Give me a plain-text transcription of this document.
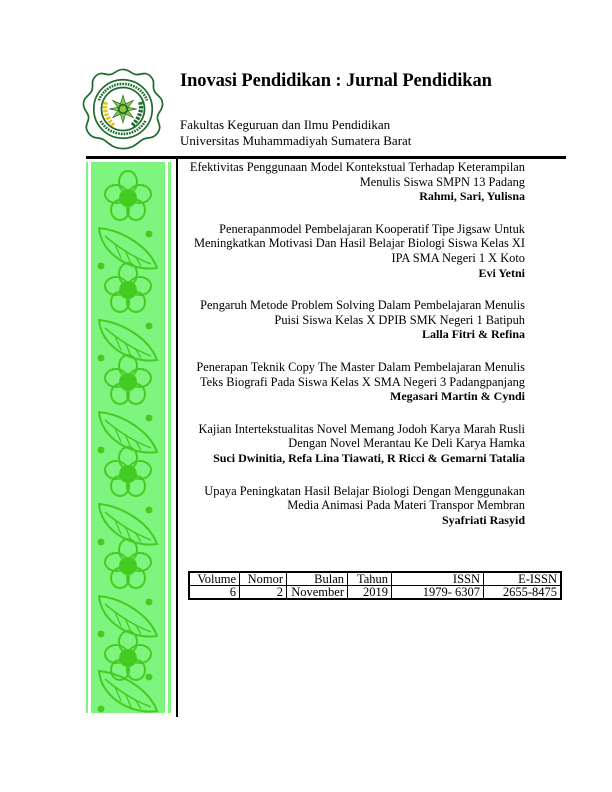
Inovasi Pendidikan : Jurnal Pendidikan
Fakultas Keguruan dan Ilmu Pendidikan
Universitas Muhammadiyah Sumatera Barat
Efektivitas Penggunaan Model Kontekstual Terhadap Keterampilan
Menulis Siswa SMPN 13 Padang
Rahmi, Sari, Yulisna
Penerapanmodel Pembelajaran Kooperatif Tipe Jigsaw Untuk
Meningkatkan Motivasi Dan Hasil Belajar Biologi Siswa Kelas XI
IPA SMA Negeri 1 X Koto
Evi Yetni
Pengaruh Metode Problem Solving Dalam Pembelajaran Menulis
Puisi Siswa Kelas X DPIB SMK Negeri 1 Batipuh
Lalla Fitri & Refina
Penerapan Teknik Copy The Master Dalam Pembelajaran Menulis
Teks Biografi Pada Siswa Kelas X SMA Negeri 3 Padangpanjang
Megasari Martin & Cyndi
Kajian Intertekstualitas Novel Memang Jodoh Karya Marah Rusli
Dengan Novel Merantau Ke Deli Karya Hamka
Suci Dwinitia, Refa Lina Tiawati, R Ricci & Gemarni Tatalia
Upaya Peningkatan Hasil Belajar Biologi Dengan Menggunakan
Media Animasi Pada Materi Transpor Membran
Syafriati Rasyid
Volume	Nomor	Bulan	Tahun	ISSN	E-ISSN
6	2	November	2019	1979- 6307	2655-8475
